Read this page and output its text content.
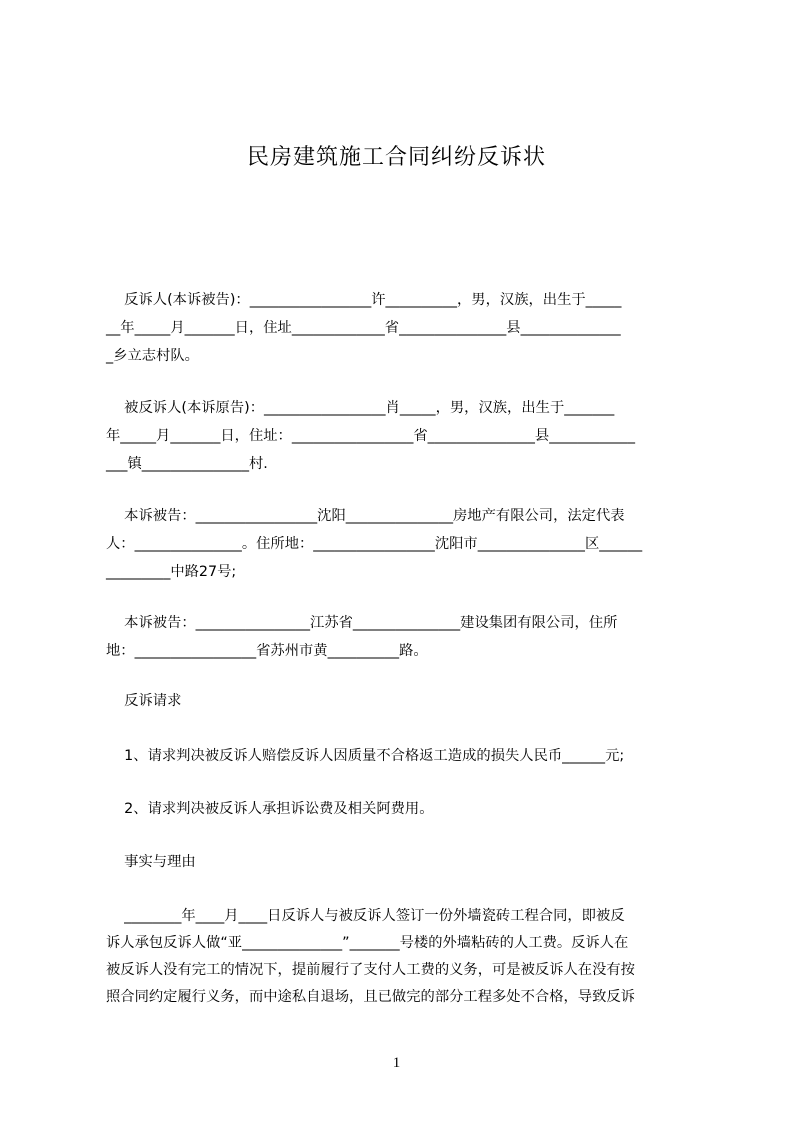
民房建筑施工合同纠纷反诉状
反诉人(本诉被告)：_________________许__________，男，汉族，出生于_____
__年_____月_______日，住址_____________省_______________县______________
_乡立志村队。
被反诉人(本诉原告)：_________________肖_____，男，汉族，出生于_______
年_____月_______日，住址：_________________省_______________县____________
___镇_______________村.
本诉被告：_________________沈阳_______________房地产有限公司，法定代表
人：_______________。住所地：_________________沈阳市_______________区______
_________中路27号;
本诉被告：________________江苏省_______________建设集团有限公司，住所
地：_________________省苏州市黄__________路。
反诉请求
1、请求判决被反诉人赔偿反诉人因质量不合格返工造成的损失人民币______元;
2、请求判决被反诉人承担诉讼费及相关阿费用。
事实与理由
________年____月____日反诉人与被反诉人签订一份外墙瓷砖工程合同，即被反
诉人承包反诉人做“亚______________”_______号楼的外墙粘砖的人工费。反诉人在
被反诉人没有完工的情况下，提前履行了支付人工费的义务，可是被反诉人在没有按
照合同约定履行义务，而中途私自退场，且已做完的部分工程多处不合格，导致反诉
1
